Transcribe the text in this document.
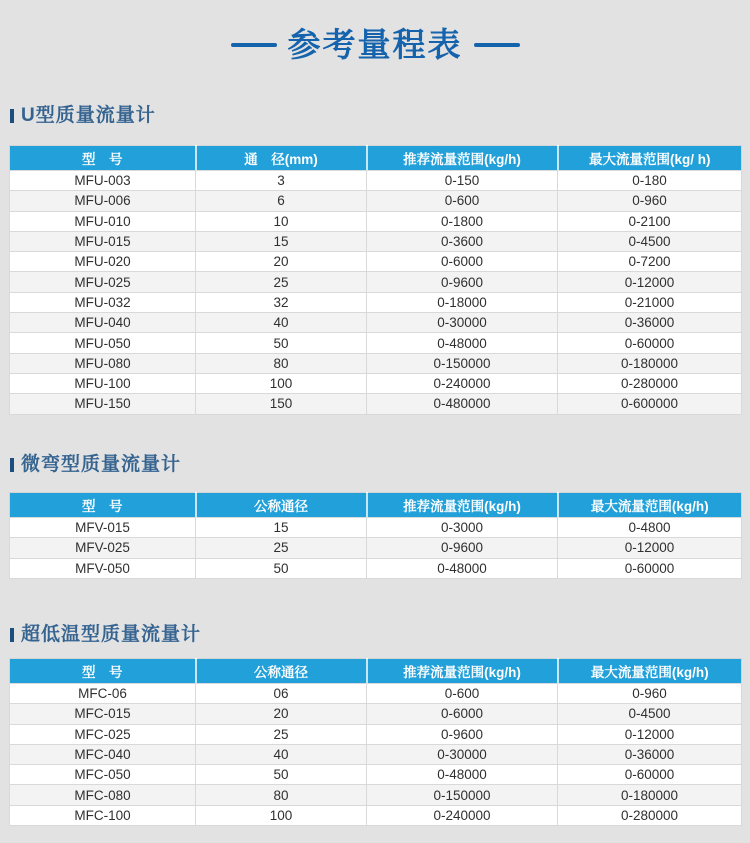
参考量程表
U型质量流量计
型　号	通　径(mm)	推荐流量范围(kg/h)	最大流量范围(kg/ h)
MFU-003	3	0-150	0-180
MFU-006	6	0-600	0-960
MFU-010	10	0-1800	0-2100
MFU-015	15	0-3600	0-4500
MFU-020	20	0-6000	0-7200
MFU-025	25	0-9600	0-12000
MFU-032	32	0-18000	0-21000
MFU-040	40	0-30000	0-36000
MFU-050	50	0-48000	0-60000
MFU-080	80	0-150000	0-180000
MFU-100	100	0-240000	0-280000
MFU-150	150	0-480000	0-600000
微弯型质量流量计
型　号	公称通径	推荐流量范围(kg/h)	最大流量范围(kg/h)
MFV-015	15	0-3000	0-4800
MFV-025	25	0-9600	0-12000
MFV-050	50	0-48000	0-60000
超低温型质量流量计
型　号	公称通径	推荐流量范围(kg/h)	最大流量范围(kg/h)
MFC-06	06	0-600	0-960
MFC-015	20	0-6000	0-4500
MFC-025	25	0-9600	0-12000
MFC-040	40	0-30000	0-36000
MFC-050	50	0-48000	0-60000
MFC-080	80	0-150000	0-180000
MFC-100	100	0-240000	0-280000
